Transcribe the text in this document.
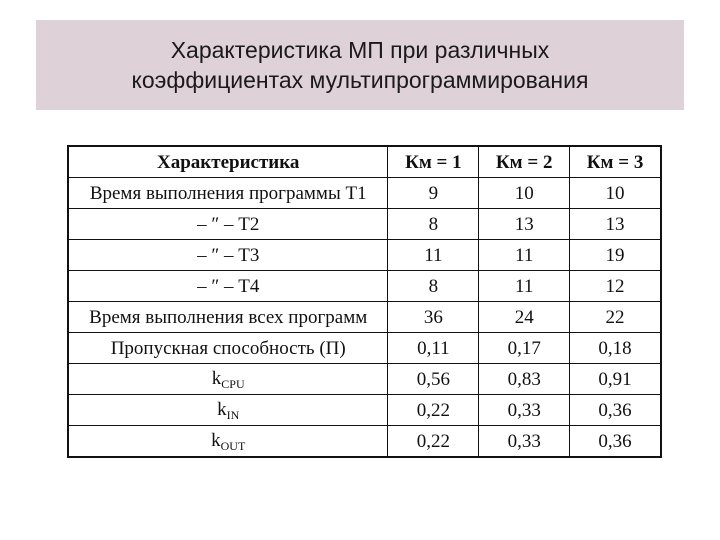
Характеристика МП при различных
коэффициентах мультипрограммирования
Характеристика	Км = 1	Км = 2	Км = 3
Время выполнения программы Т1	9	10	10
– ″ – Т2	8	13	13
– ″ – Т3	11	11	19
– ″ – Т4	8	11	12
Время выполнения всех программ	36	24	22
Пропускная способность (П)	0,11	0,17	0,18
$k_{CPU}$	0,56	0,83	0,91
$k_{IN}$	0,22	0,33	0,36
$k_{OUT}$	0,22	0,33	0,36
